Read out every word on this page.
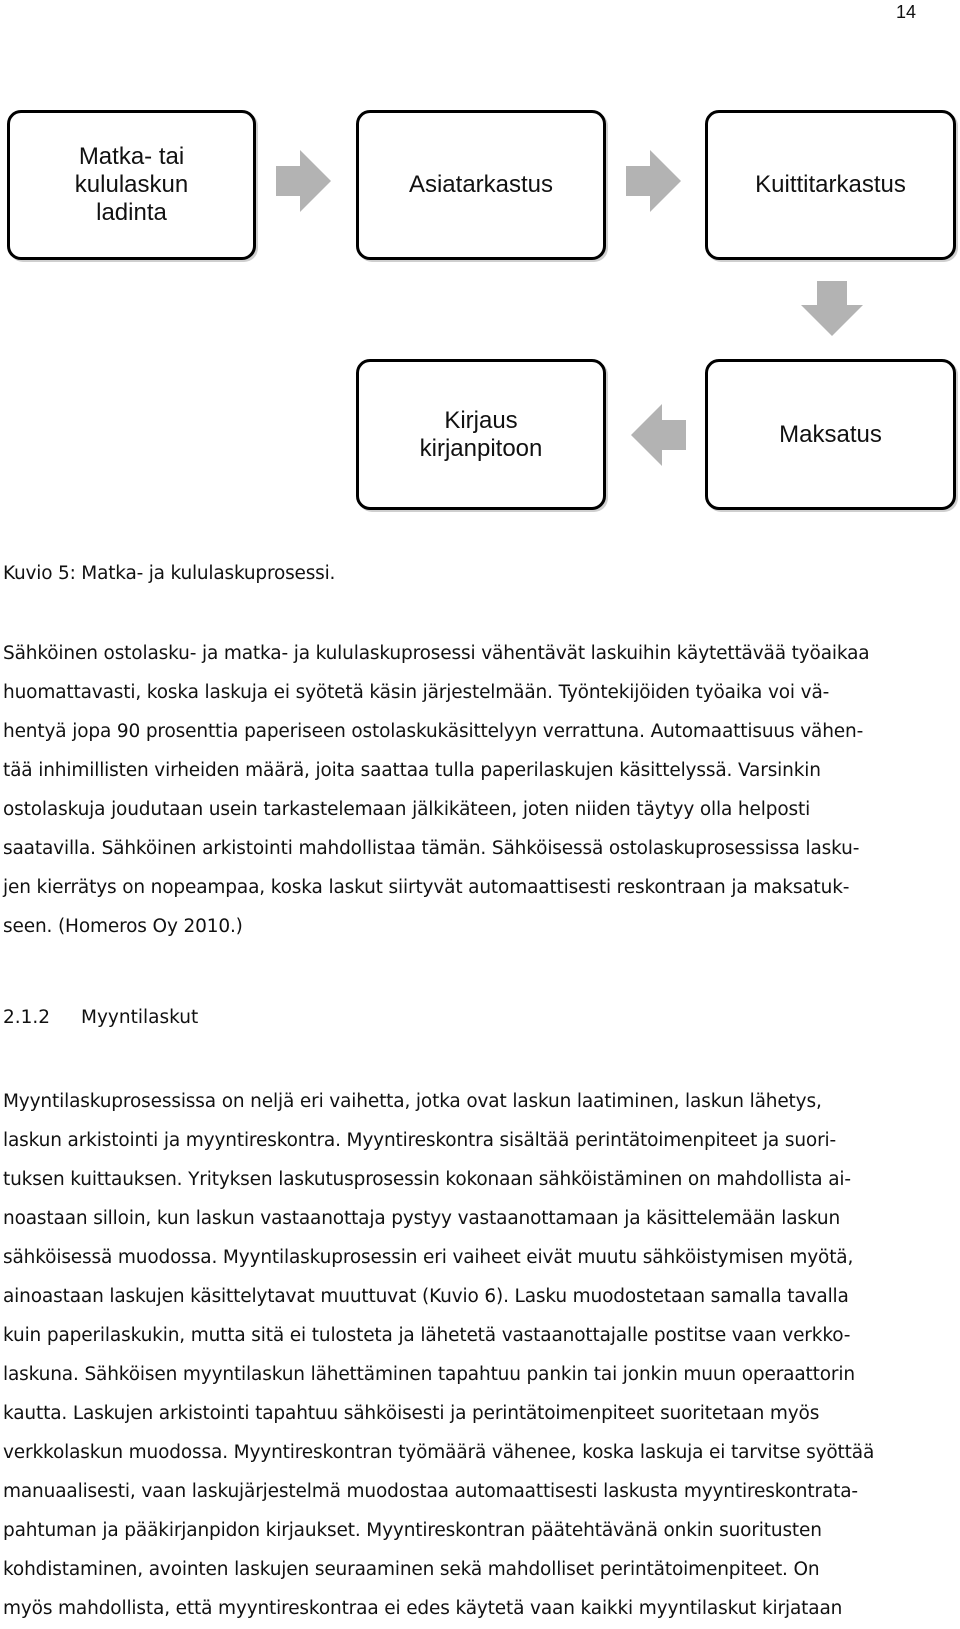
14
Matka- tai
kululaskun
ladinta
Asiatarkastus	Kuittitarkastus
Kirjaus
kirjanpitoon
Maksatus
Kuvio 5: Matka- ja kululaskuprosessi.

Sähköinen ostolasku- ja matka- ja kululaskuprosessi vähentävät laskuihin käytettävää työaikaa
huomattavasti, koska laskuja ei syötetä käsin järjestelmään. Työntekijöiden työaika voi vä-
hentyä jopa 90 prosenttia paperiseen ostolaskukäsittelyyn verrattuna. Automaattisuus vähen-
tää inhimillisten virheiden määrä, joita saattaa tulla paperilaskujen käsittelyssä. Varsinkin
ostolaskuja joudutaan usein tarkastelemaan jälkikäteen, joten niiden täytyy olla helposti
saatavilla. Sähköinen arkistointi mahdollistaa tämän. Sähköisessä ostolaskuprosessissa lasku-
jen kierrätys on nopeampaa, koska laskut siirtyvät automaattisesti reskontraan ja maksatuk-
seen. (Homeros Oy 2010.)

2.1.2 Myyntilaskut

Myyntilaskuprosessissa on neljä eri vaihetta, jotka ovat laskun laatiminen, laskun lähetys,
laskun arkistointi ja myyntireskontra. Myyntireskontra sisältää perintätoimenpiteet ja suori-
tuksen kuittauksen. Yrityksen laskutusprosessin kokonaan sähköistäminen on mahdollista ai-
noastaan silloin, kun laskun vastaanottaja pystyy vastaanottamaan ja käsittelemään laskun
sähköisessä muodossa. Myyntilaskuprosessin eri vaiheet eivät muutu sähköistymisen myötä,
ainoastaan laskujen käsittelytavat muuttuvat (Kuvio 6). Lasku muodostetaan samalla tavalla
kuin paperilaskukin, mutta sitä ei tulosteta ja lähetetä vastaanottajalle postitse vaan verkko-
laskuna. Sähköisen myyntilaskun lähettäminen tapahtuu pankin tai jonkin muun operaattorin
kautta. Laskujen arkistointi tapahtuu sähköisesti ja perintätoimenpiteet suoritetaan myös
verkkolaskun muodossa. Myyntireskontran työmäärä vähenee, koska laskuja ei tarvitse syöttää
manuaalisesti, vaan laskujärjestelmä muodostaa automaattisesti laskusta myyntireskontrata-
pahtuman ja pääkirjanpidon kirjaukset. Myyntireskontran päätehtävänä onkin suoritusten
kohdistaminen, avointen laskujen seuraaminen sekä mahdolliset perintätoimenpiteet. On
myös mahdollista, että myyntireskontraa ei edes käytetä vaan kaikki myyntilaskut kirjataan
